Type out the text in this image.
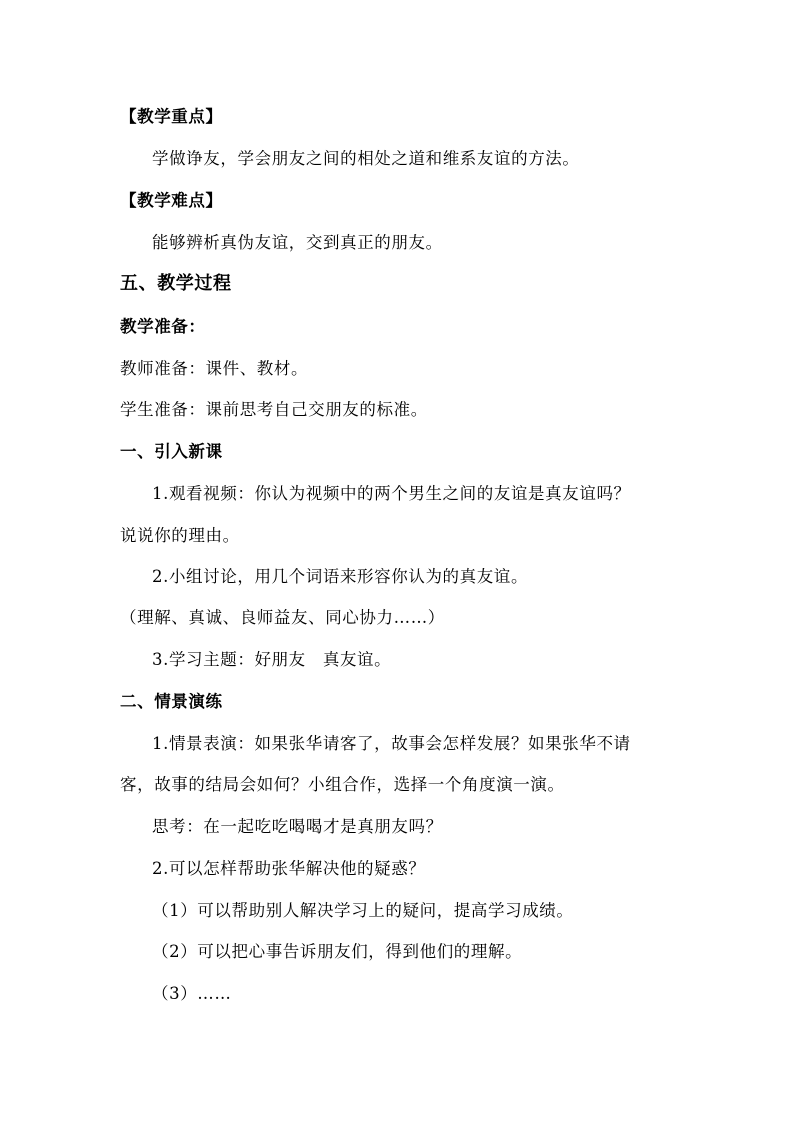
【教学重点】
学做诤友，学会朋友之间的相处之道和维系友谊的方法。
【教学难点】
能够辨析真伪友谊，交到真正的朋友。
五、教学过程
教学准备：
教师准备：课件、教材。
学生准备：课前思考自己交朋友的标准。
一、引入新课
1.观看视频：你认为视频中的两个男生之间的友谊是真友谊吗？
说说你的理由。
2.小组讨论，用几个词语来形容你认为的真友谊。
（理解、真诚、良师益友、同心协力……）
3.学习主题：好朋友　真友谊。
二、情景演练
1.情景表演：如果张华请客了，故事会怎样发展？如果张华不请
客，故事的结局会如何？小组合作，选择一个角度演一演。
思考：在一起吃吃喝喝才是真朋友吗？
2.可以怎样帮助张华解决他的疑惑？
（1）可以帮助别人解决学习上的疑问，提高学习成绩。
（2）可以把心事告诉朋友们，得到他们的理解。
（3）……
